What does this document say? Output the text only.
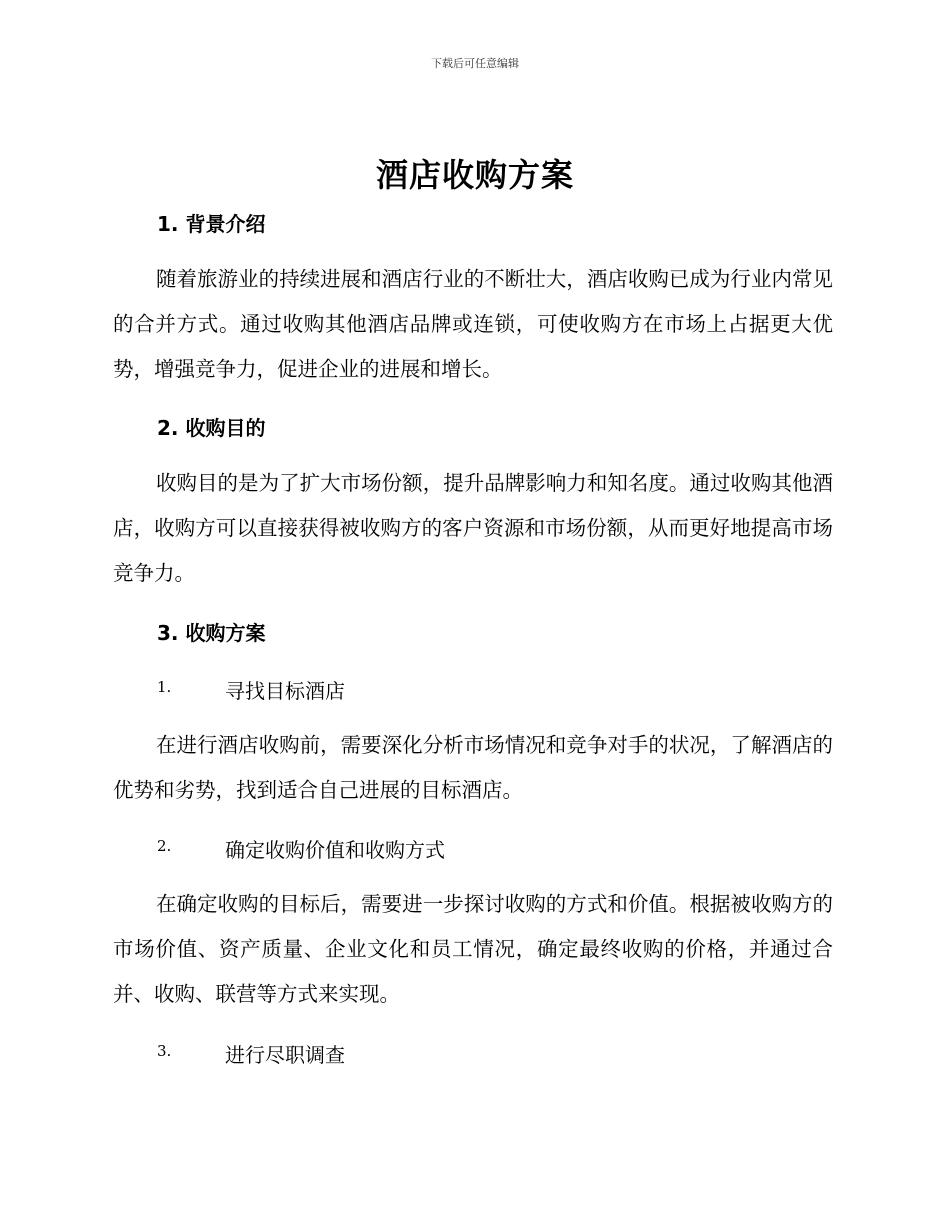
下载后可任意编辑
酒店收购方案
1. 背景介绍

随着旅游业的持续进展和酒店行业的不断壮大，酒店收购已成为行业内常见的合并方式。通过收购其他酒店品牌或连锁，可使收购方在市场上占据更大优势，增强竞争力，促进企业的进展和增长。

2. 收购目的

收购目的是为了扩大市场份额，提升品牌影响力和知名度。通过收购其他酒店，收购方可以直接获得被收购方的客户资源和市场份额，从而更好地提高市场竞争力。

3. 收购方案
1.	寻找目标酒店

在进行酒店收购前，需要深化分析市场情况和竞争对手的状况，了解酒店的优势和劣势，找到适合自己进展的目标酒店。

2.	确定收购价值和收购方式

在确定收购的目标后，需要进一步探讨收购的方式和价值。根据被收购方的市场价值、资产质量、企业文化和员工情况，确定最终收购的价格，并通过合并、收购、联营等方式来实现。

3.	进行尽职调查
